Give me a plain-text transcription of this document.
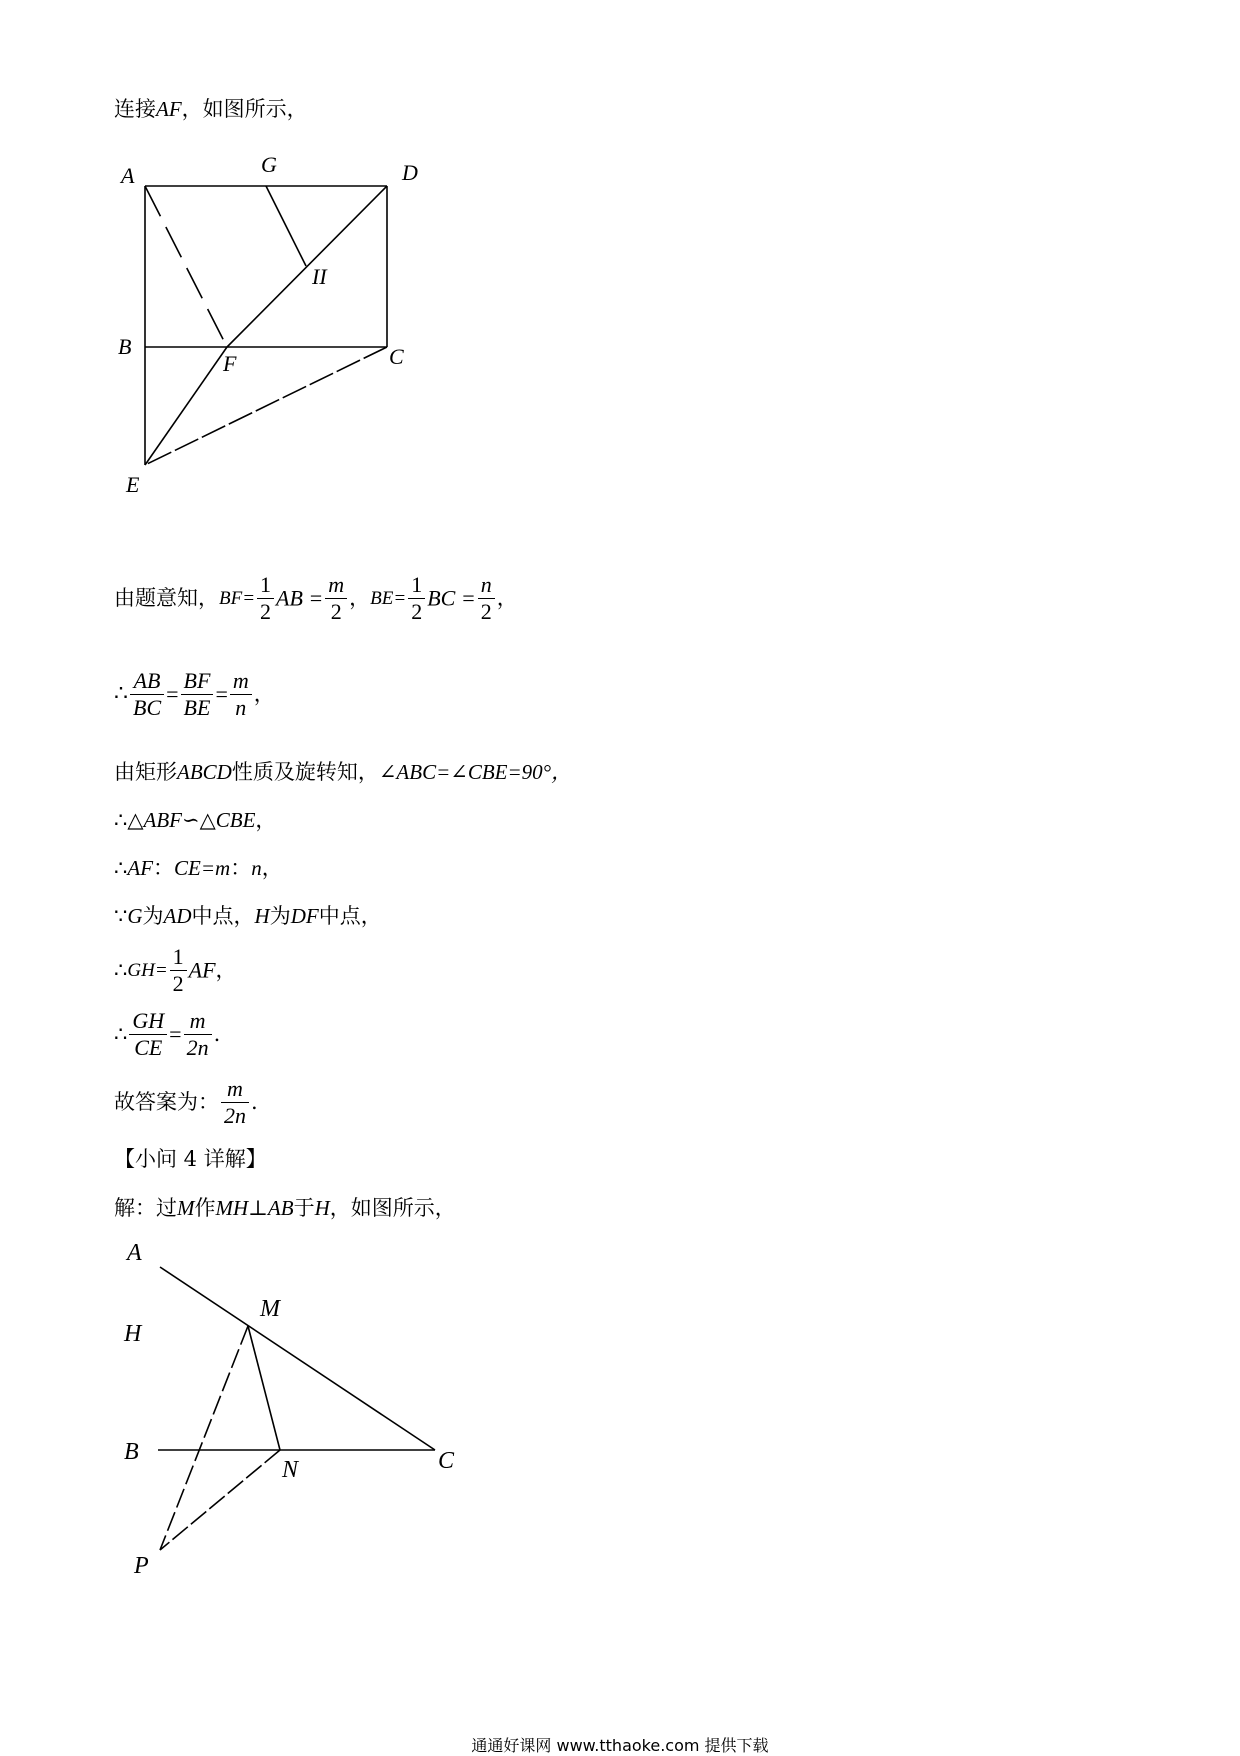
连接AF，如图所示，
A	G	D
II
B
F	C
E
由题意知，$BF= \frac{1}{2}$ AB = $\frac{m}{2}$ ，$BE= \frac{1}{2}$ BC = $\frac{n}{2}$ ，
∴ $\frac{AB}{BC} = \frac{BF}{BE} = \frac{m}{n}$ ，
由矩形ABCD性质及旋转知，∠ABC=∠CBE=90°，
∴△ABF∽△CBE，
∴AF：CE=m：n，
∵G为AD中点，H为DF中点，
∴GH= $\frac{1}{2}$ AF，
∴ $\frac{GH}{CE} = \frac{m}{2n}$ .
故答案为： $\frac{m}{2n}$ .
【小问 4 详解】
解：过M作MH⊥AB于H，如图所示，
A
M
H
B
N	C
P
通通好课网 www.tthaoke.com 提供下载
